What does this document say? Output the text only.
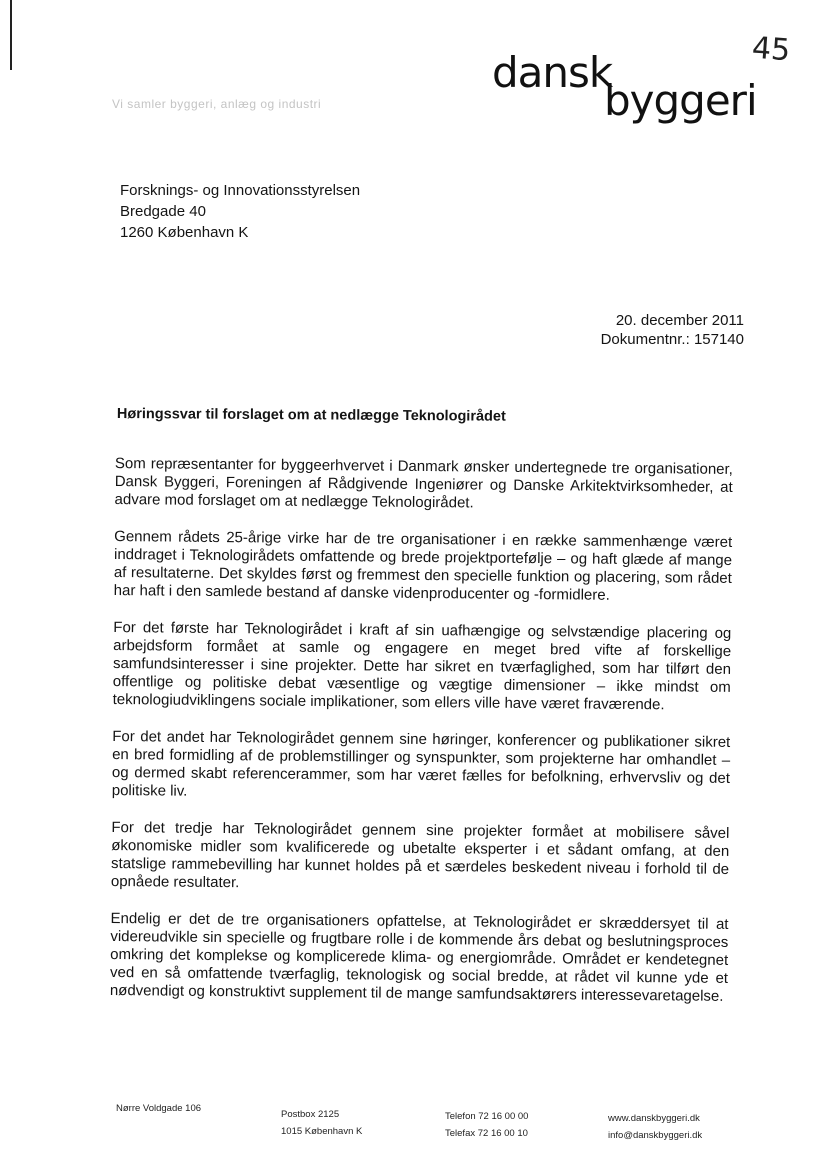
45
dansk
byggeri
Vi samler byggeri, anlæg og industri
Forsknings- og Innovationsstyrelsen
Bredgade 40
1260 København K
20. december 2011
Dokumentnr.: 157140
Høringssvar til forslaget om at nedlægge Teknologirådet

Som repræsentanter for byggeerhvervet i Danmark ønsker undertegnede tre organisationer, Dansk Byggeri, Foreningen af Rådgivende Ingeniører og Danske Arkitektvirksomheder, at advare mod forslaget om at nedlægge Teknologirådet.

Gennem rådets 25-årige virke har de tre organisationer i en række sammenhænge været inddraget i Teknologirådets omfattende og brede projektportefølje – og haft glæde af mange af resultaterne. Det skyldes først og fremmest den specielle funktion og placering, som rådet har haft i den samlede bestand af danske videnproducenter og -formidlere.

For det første har Teknologirådet i kraft af sin uafhængige og selvstændige placering og arbejdsform formået at samle og engagere en meget bred vifte af forskellige samfundsinteresser i sine projekter. Dette har sikret en tværfaglighed, som har tilført den offentlige og politiske debat væsentlige og vægtige dimensioner – ikke mindst om teknologiudviklingens sociale implikationer, som ellers ville have været fraværende.

For det andet har Teknologirådet gennem sine høringer, konferencer og publikationer sikret en bred formidling af de problemstillinger og synspunkter, som projekterne har omhandlet – og dermed skabt referencerammer, som har været fælles for befolkning, erhvervsliv og det politiske liv.

For det tredje har Teknologirådet gennem sine projekter formået at mobilisere såvel økonomiske midler som kvalificerede og ubetalte eksperter i et sådant omfang, at den statslige rammebevilling har kunnet holdes på et særdeles beskedent niveau i forhold til de opnåede resultater.

Endelig er det de tre organisationers opfattelse, at Teknologirådet er skræddersyet til at videreudvikle sin specielle og frugtbare rolle i de kommende års debat og beslutningsproces omkring det komplekse og komplicerede klima- og energiområde. Området er kendetegnet ved en så omfattende tværfaglig, teknologisk og social bredde, at rådet vil kunne yde et nødvendigt og konstruktivt supplement til de mange samfundsaktørers interessevaretagelse.

Nørre Voldgade 106
Postbox 2125
1015 København K
Telefon 72 16 00 00
Telefax 72 16 00 10
www.danskbyggeri.dk
info@danskbyggeri.dk
